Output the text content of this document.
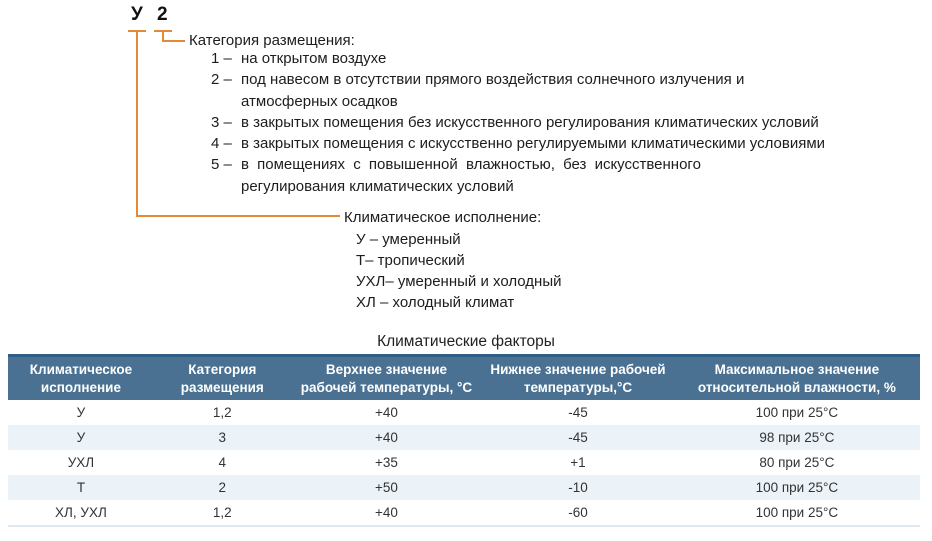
У 2
Категория размещения:
1 – на открытом воздухе
2 – под навесом в отсутствии прямого воздействия солнечного излучения и
атмосферных осадков
3 – в закрытых помещения без искусственного регулирования климатических условий
4 – в закрытых помещения с искусственно регулируемыми климатическими условиями
5 – в помещениях с повышенной влажностью, без искусственного
регулирования климатических условий
Климатическое исполнение:
У – умеренный
Т– тропический
УХЛ– умеренный и холодный
ХЛ – холодный климат
Климатические факторы
Климатическое исполнение	Категория размещения	Верхнее значение рабочей температуры, °С	Нижнее значение рабочей температуры,°С	Максимальное значение относительной влажности, %
У	1,2	+40	-45	100 при 25°С
У	3	+40	-45	98 при 25°С
УХЛ	4	+35	+1	80 при 25°С
Т	2	+50	-10	100 при 25°С
ХЛ, УХЛ	1,2	+40	-60	100 при 25°С
